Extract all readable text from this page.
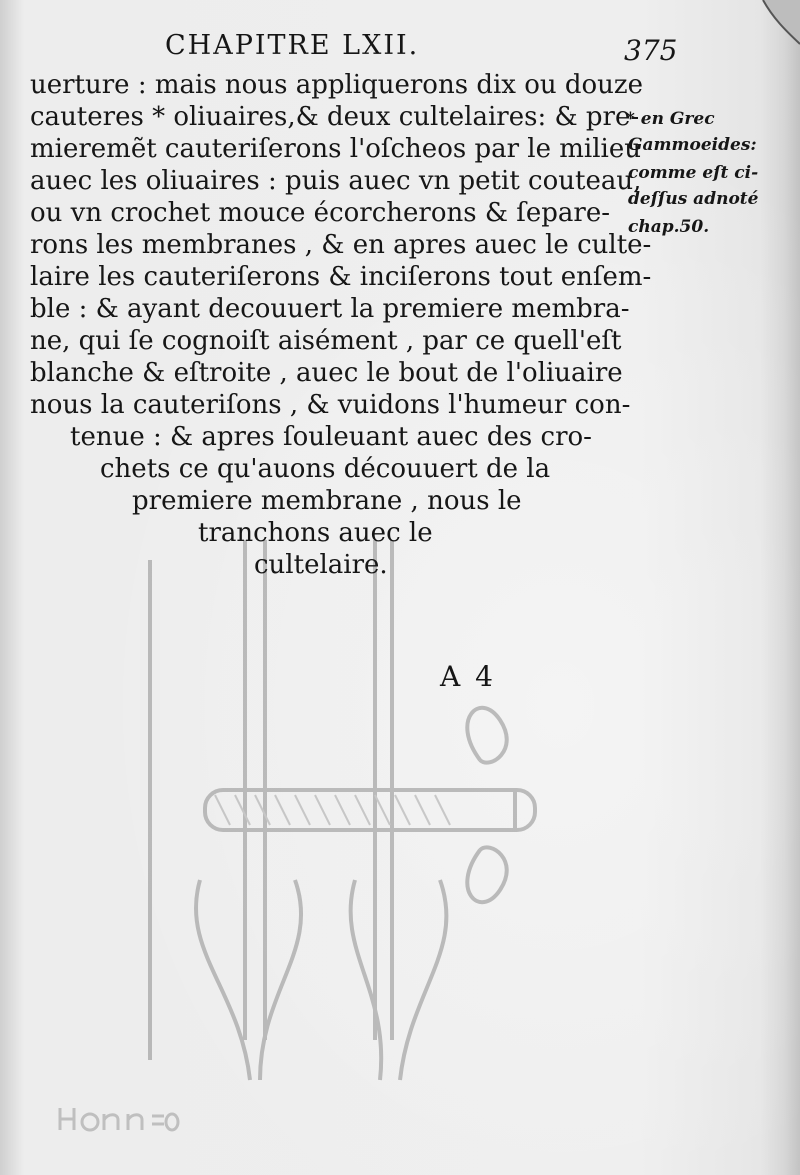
CHAPITRE LXII.	375
uerture : mais nous appliquerons dix ou douze
cauteres * oliuaires,& deux cultelaires: & pre-
mieremẽt cauteriſerons l'oſcheos par le milieu
auec les oliuaires : puis auec vn petit couteau,
ou vn crochet mouce écorcherons & ſepare-
rons les membranes , & en apres auec le culte-
laire les cauteriſerons & inciſerons tout enſem-
ble : & ayant decouuert la premiere membra-
ne, qui ſe cognoiſt aisément , par ce quell'eſt
blanche & eſtroite , auec le bout de l'oliuaire
nous la cauteriſons , & vuidons l'humeur con-
tenue : & apres ſouleuant auec des cro-
chets ce qu'auons découuert de la
premiere membrane , nous le
tranchons auec le
cultelaire.
* en Grec
Gammoeides:
comme eſt ci-
deſſus adnoté
chap.50.
A 4
